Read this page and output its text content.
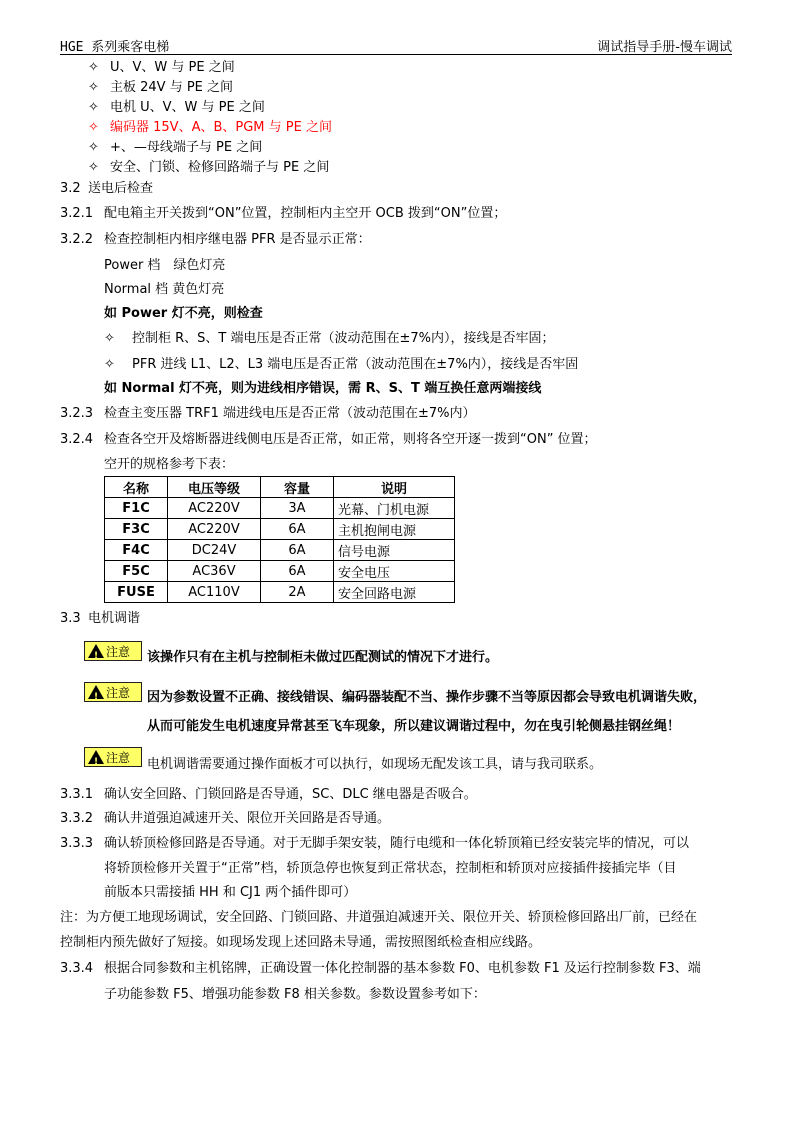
HGE 系列乘客电梯	调试指导手册-慢车调试
✧ U、V、W 与 PE 之间
✧ 主板 24V 与 PE 之间
✧ 电机 U、V、W 与 PE 之间
✧ 编码器 15V、A、B、PGM 与 PE 之间
✧ +、—母线端子与 PE 之间
✧ 安全、门锁、检修回路端子与 PE 之间
3.2 送电后检查
3.2.1 配电箱主开关拨到“ON”位置，控制柜内主空开 OCB 拨到“ON”位置；
3.2.2 检查控制柜内相序继电器 PFR 是否显示正常：
Power 档　绿色灯亮
Normal 档 黄色灯亮
如 Power 灯不亮，则检查
✧ 控制柜 R、S、T 端电压是否正常（波动范围在±7%内），接线是否牢固；
✧ PFR 进线 L1、L2、L3 端电压是否正常（波动范围在±7%内），接线是否牢固
如 Normal 灯不亮，则为进线相序错误，需 R、S、T 端互换任意两端接线
3.2.3 检查主变压器 TRF1 端进线电压是否正常（波动范围在±7%内）
3.2.4 检查各空开及熔断器进线侧电压是否正常，如正常，则将各空开逐一拨到“ON” 位置；
空开的规格参考下表：
名称	电压等级	容量	说明
F1C	AC220V	3A	光幕、门机电源
F3C	AC220V	6A	主机抱闸电源
F4C	DC24V	6A	信号电源
F5C	AC36V	6A	安全电压
FUSE	AC110V	2A	安全回路电源
3.3 电机调谐
!注意	该操作只有在主机与控制柜未做过匹配测试的情况下才进行。
!注意	因为参数设置不正确、接线错误、编码器装配不当、操作步骤不当等原因都会导致电机调谐失败，
从而可能发生电机速度异常甚至飞车现象，所以建议调谐过程中，勿在曳引轮侧悬挂钢丝绳！
!注意	电机调谐需要通过操作面板才可以执行，如现场无配发该工具，请与我司联系。
3.3.1 确认安全回路、门锁回路是否导通，SC、DLC 继电器是否吸合。
3.3.2 确认井道强迫减速开关、限位开关回路是否导通。
3.3.3 确认轿顶检修回路是否导通。对于无脚手架安装，随行电缆和一体化轿顶箱已经安装完毕的情况，可以
将轿顶检修开关置于“正常”档，轿顶急停也恢复到正常状态，控制柜和轿顶对应接插件接插完毕（目
前版本只需接插 HH 和 CJ1 两个插件即可）
注：为方便工地现场调试，安全回路、门锁回路、井道强迫减速开关、限位开关、轿顶检修回路出厂前，已经在
控制柜内预先做好了短接。如现场发现上述回路未导通，需按照图纸检查相应线路。
3.3.4 根据合同参数和主机铭牌，正确设置一体化控制器的基本参数 F0、电机参数 F1 及运行控制参数 F3、端
子功能参数 F5、增强功能参数 F8 相关参数。参数设置参考如下：
